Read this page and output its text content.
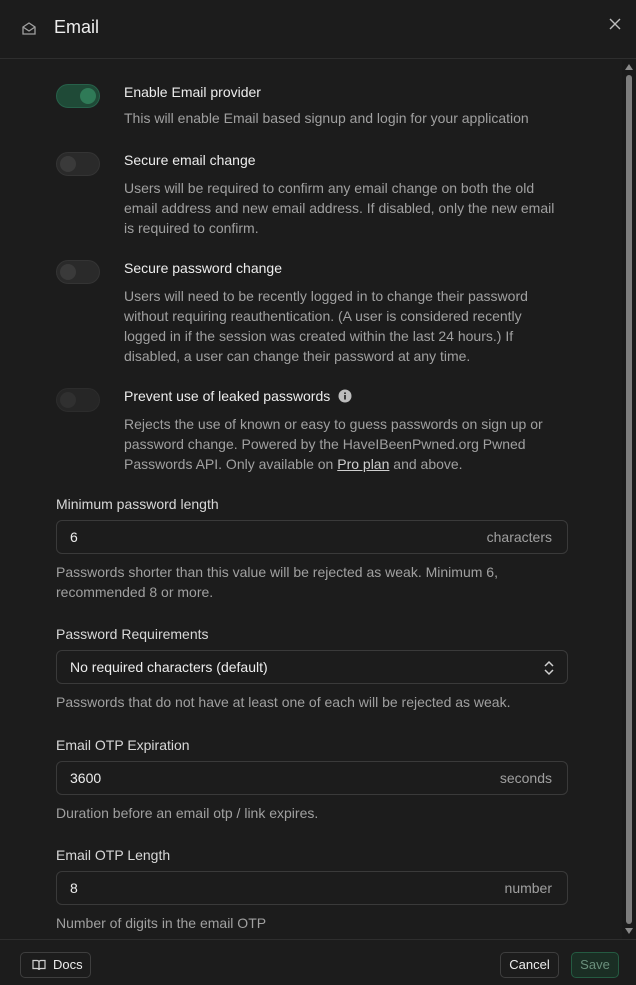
Email
Enable Email provider
This will enable Email based signup and login for your application
Secure email change
Users will be required to confirm any email change on both the old email address and new email address. If disabled, only the new email is required to confirm.
Secure password change
Users will need to be recently logged in to change their password without requiring reauthentication. (A user is considered recently logged in if the session was created within the last 24 hours.) If disabled, a user can change their password at any time.
Prevent use of leaked passwords
Rejects the use of known or easy to guess passwords on sign up or password change. Powered by the HaveIBeenPwned.org Pwned Passwords API. Only available on Pro plan and above.
Minimum password length
6	characters
Passwords shorter than this value will be rejected as weak. Minimum 6, recommended 8 or more.
Password Requirements
No required characters (default)
Passwords that do not have at least one of each will be rejected as weak.
Email OTP Expiration
3600	seconds
Duration before an email otp / link expires.
Email OTP Length
8	number
Number of digits in the email OTP
Docs	Cancel	Save
